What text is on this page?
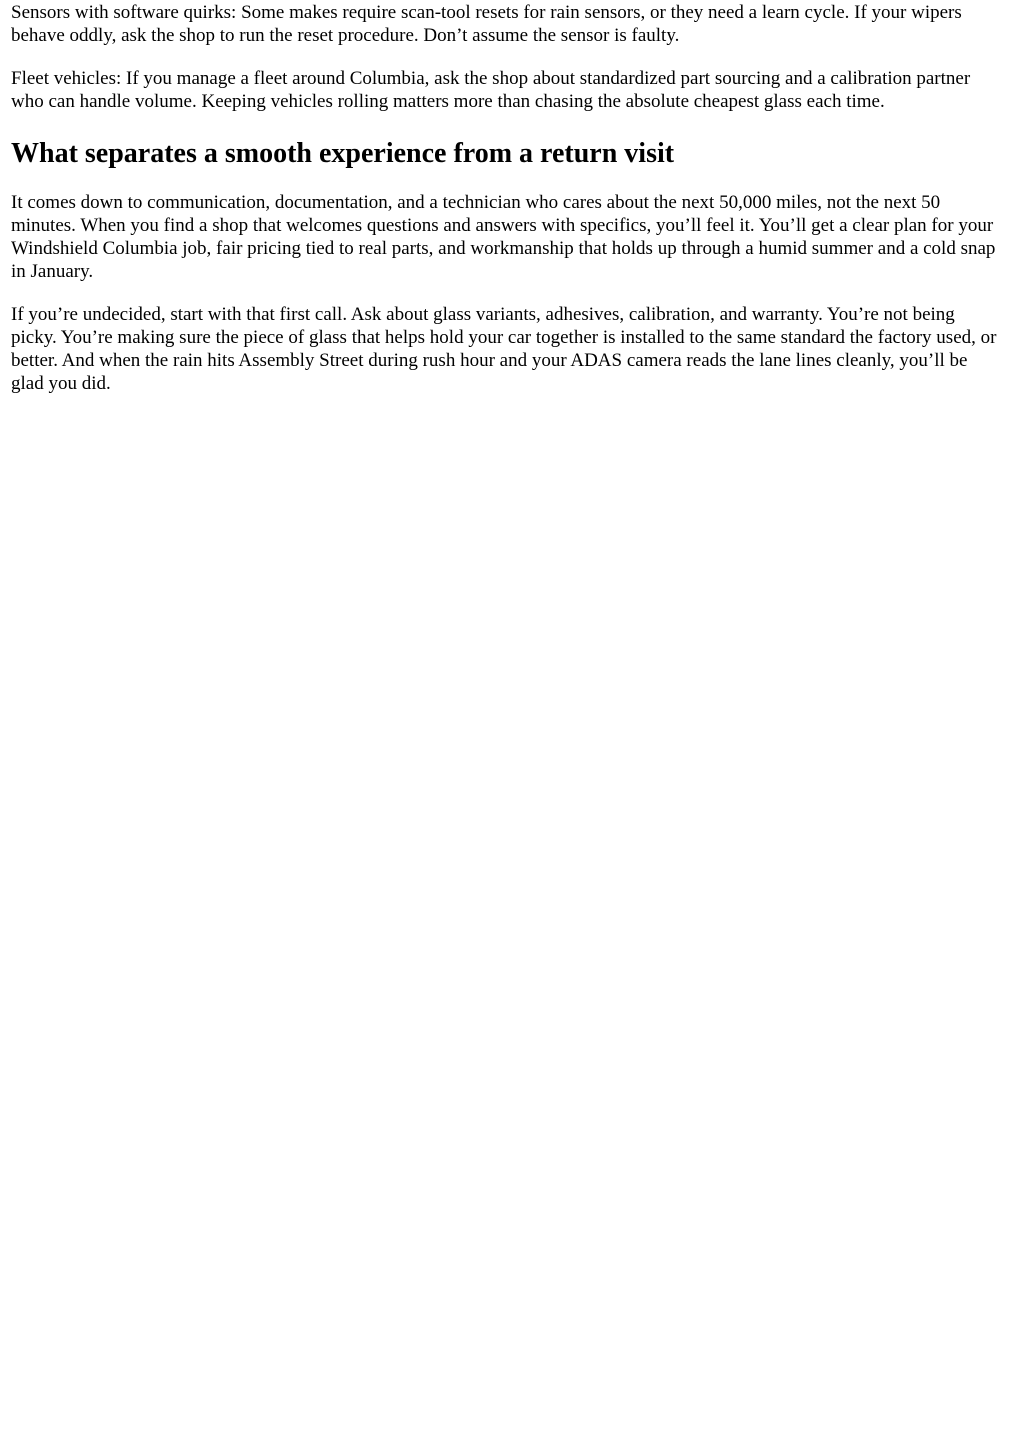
Sensors with software quirks: Some makes require scan-tool resets for rain sensors, or they need a learn cycle. If your wipers behave oddly, ask the shop to run the reset procedure. Don’t assume the sensor is faulty.

Fleet vehicles: If you manage a fleet around Columbia, ask the shop about standardized part sourcing and a calibration partner who can handle volume. Keeping vehicles rolling matters more than chasing the absolute cheapest glass each time.

What separates a smooth experience from a return visit

It comes down to communication, documentation, and a technician who cares about the next 50,000 miles, not the next 50 minutes. When you find a shop that welcomes questions and answers with specifics, you’ll feel it. You’ll get a clear plan for your Windshield Columbia job, fair pricing tied to real parts, and workmanship that holds up through a humid summer and a cold snap in January.

If you’re undecided, start with that first call. Ask about glass variants, adhesives, calibration, and warranty. You’re not being picky. You’re making sure the piece of glass that helps hold your car together is installed to the same standard the factory used, or better. And when the rain hits Assembly Street during rush hour and your ADAS camera reads the lane lines cleanly, you’ll be glad you did.
